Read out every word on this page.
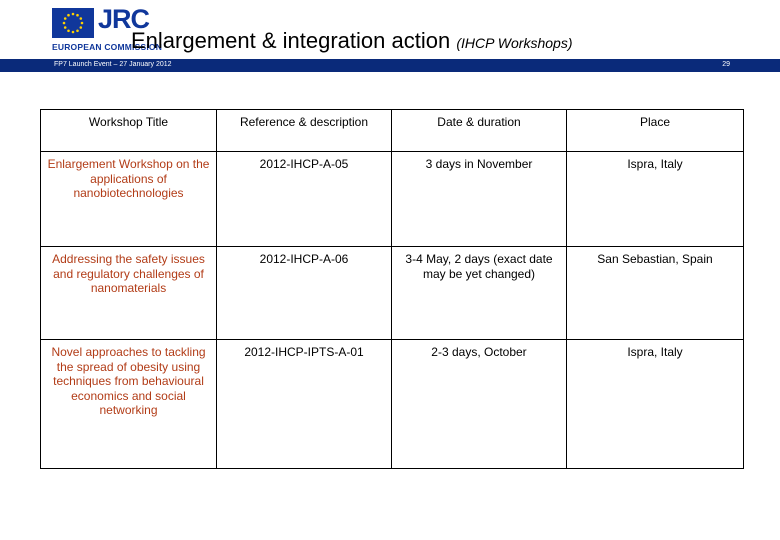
JRC
EUROPEAN COMMISSION
Enlargement & integration action (IHCP Workshops)
FP7 Launch Event – 27 January 2012	29
Workshop Title	Reference & description	Date & duration	Place
Enlargement Workshop on the applications of nanobiotechnologies	2012-IHCP-A-05	3 days in November	Ispra, Italy
Addressing the safety issues and regulatory challenges of nanomaterials	2012-IHCP-A-06	3-4 May, 2 days (exact date may be yet changed)	San Sebastian, Spain
Novel approaches to tackling the spread of obesity using techniques from behavioural economics and social networking	2012-IHCP-IPTS-A-01	2-3 days, October	Ispra, Italy
